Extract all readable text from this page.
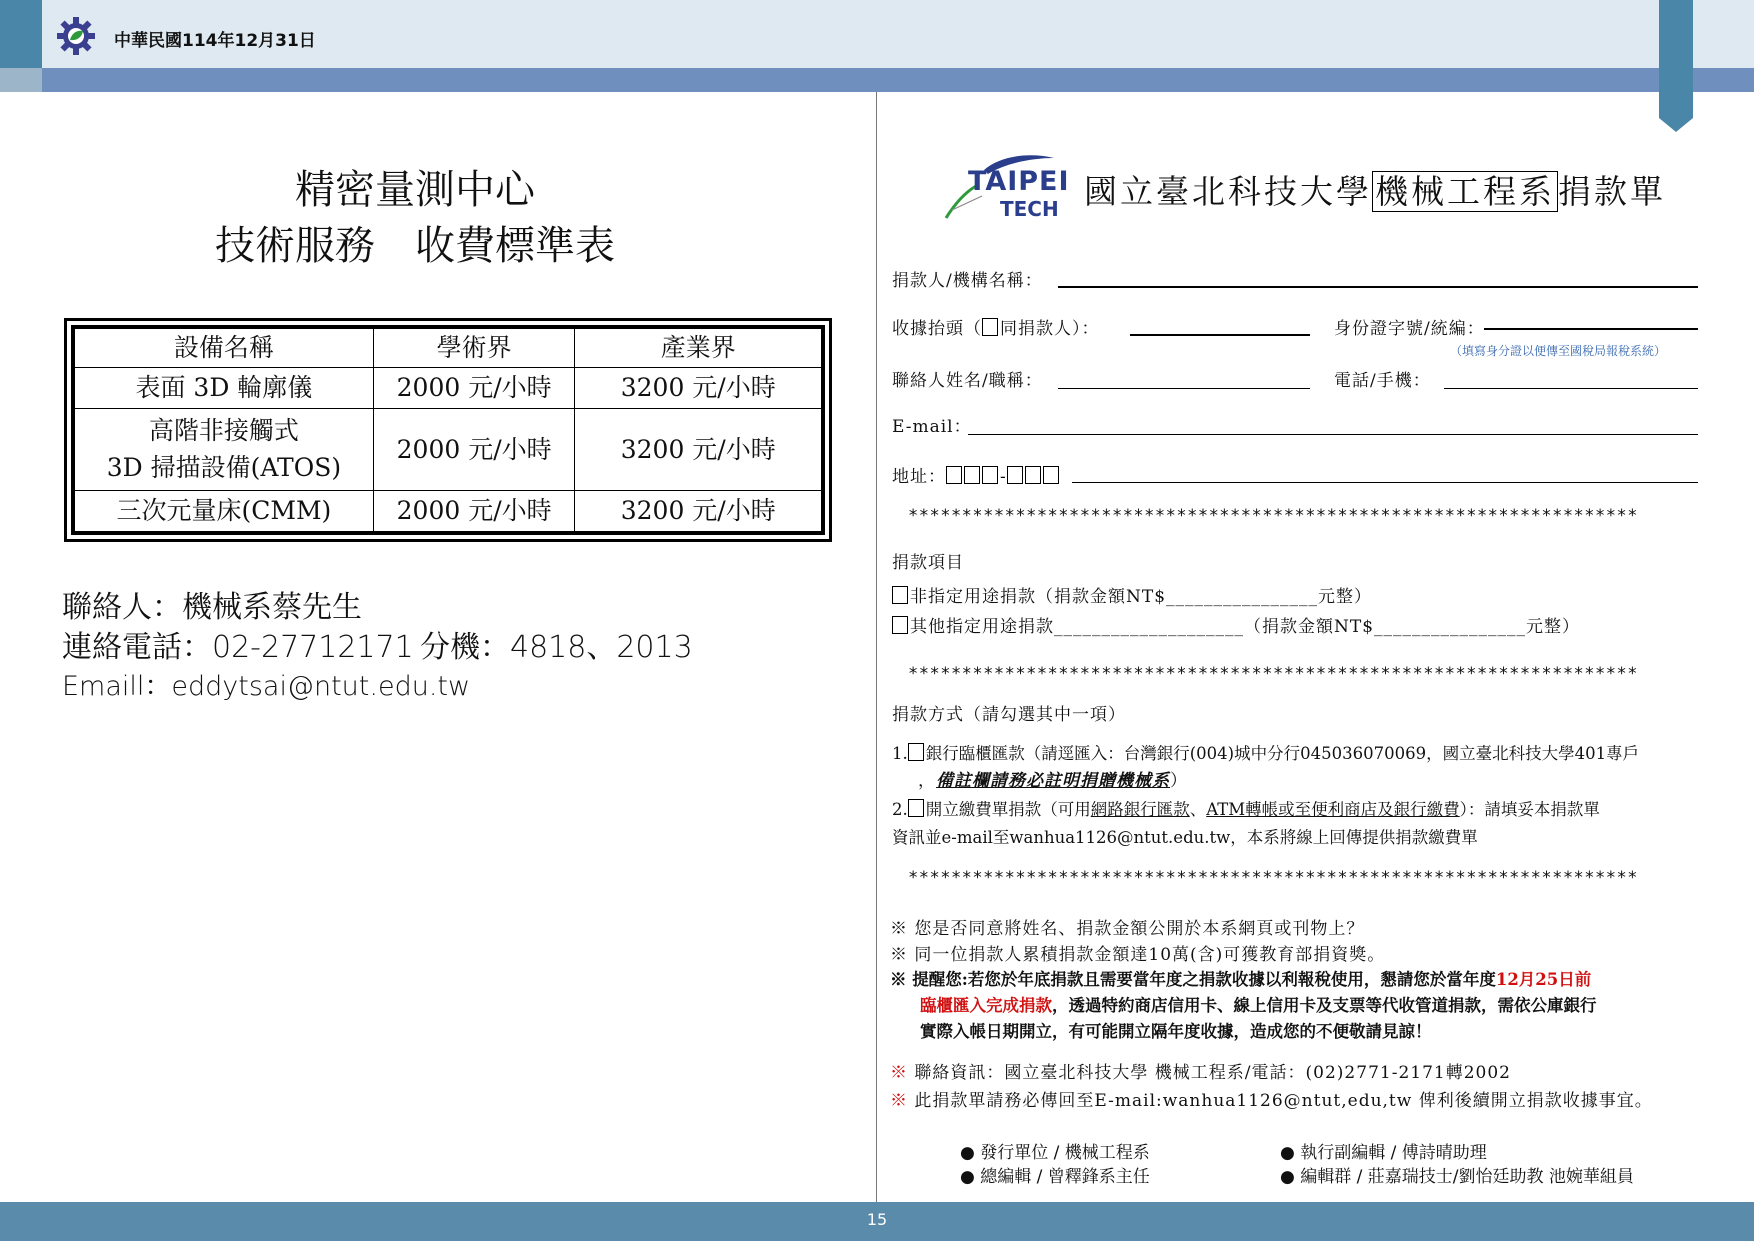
中華民國114年12月31日
精密量測中心
技術服務　收費標準表
設備名稱	學術界	產業界
表面 3D 輪廓儀	2000 元/小時	3200 元/小時

高階非接觸式
3D 掃描設備(ATOS)	2000 元/小時	3200 元/小時
三次元量床(CMM)	2000 元/小時	3200 元/小時
聯絡人：機械系蔡先生
連絡電話：02-27712171 分機：4818、2013
Emaill：eddytsai@ntut.edu.tw
TAIPEI
TECH 國立臺北科技大學機械工程系捐款單
捐款人/機構名稱：
收據抬頭（ 同捐款人）：	身份證字號/統編：
（填寫身分證以便傳至國稅局報稅系統）
聯絡人姓名/職稱：	電話/手機：
E-mail：
地址：	-
********************************************************************
捐款項目
非指定用途捐款（捐款金額NT$________________元整）
其他指定用途捐款____________________（捐款金額NT$________________元整）
********************************************************************
捐款方式（請勾選其中一項）
1. 銀行臨櫃匯款（請逕匯入：台灣銀行(004)城中分行045036070069，國立臺北科技大學401專戶
，備註欄請務必註明捐贈機械系）
2. 開立繳費單捐款（可用網路銀行匯款、ATM轉帳或至便利商店及銀行繳費）：請填妥本捐款單
資訊並e-mail至wanhua1126@ntut.edu.tw，本系將線上回傳提供捐款繳費單
********************************************************************
※ 您是否同意將姓名、捐款金額公開於本系網頁或刊物上？
※ 同一位捐款人累積捐款金額達10萬(含)可獲教育部捐資獎。
※ 提醒您:若您於年底捐款且需要當年度之捐款收據以利報稅使用，懇請您於當年度12月25日前
臨櫃匯入完成捐款，透過特約商店信用卡、線上信用卡及支票等代收管道捐款，需依公庫銀行
實際入帳日期開立，有可能開立隔年度收據，造成您的不便敬請見諒！
※ 聯絡資訊：國立臺北科技大學 機械工程系/電話：(02)2771-2171轉2002
※ 此捐款單請務必傳回至E-mail:wanhua1126@ntut,edu,tw 俾利後續開立捐款收據事宜。
● 發行單位 / 機械工程系
● 總編輯 / 曾釋鋒系主任
● 執行副編輯 / 傅詩晴助理
● 編輯群 / 莊嘉瑞技士/劉怡廷助教 池婉華組員
15
